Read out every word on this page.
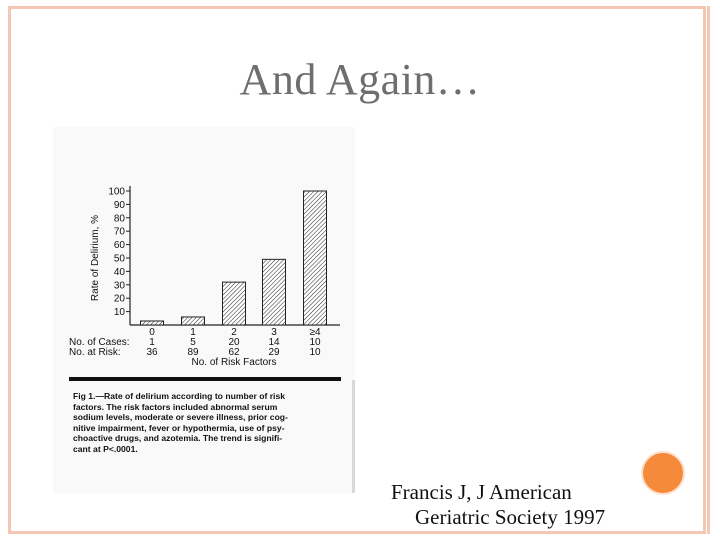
And Again…
10
20
30
40
50
60
70
80
90
100
Rate of Delirium, %
0
1
36
1
5
89
2
20
62
3
14
29
≥4
10
10
No. of Cases:
No. at Risk:
No. of Risk Factors
Fig 1.—Rate of delirium according to number of risk
factors. The risk factors included abnormal serum
sodium levels, moderate or severe illness, prior cog-
nitive impairment, fever or hypothermia, use of psy-
choactive drugs, and azotemia. The trend is signifi-
cant at P<.0001.
Francis J, J American
Geriatric Society 1997
